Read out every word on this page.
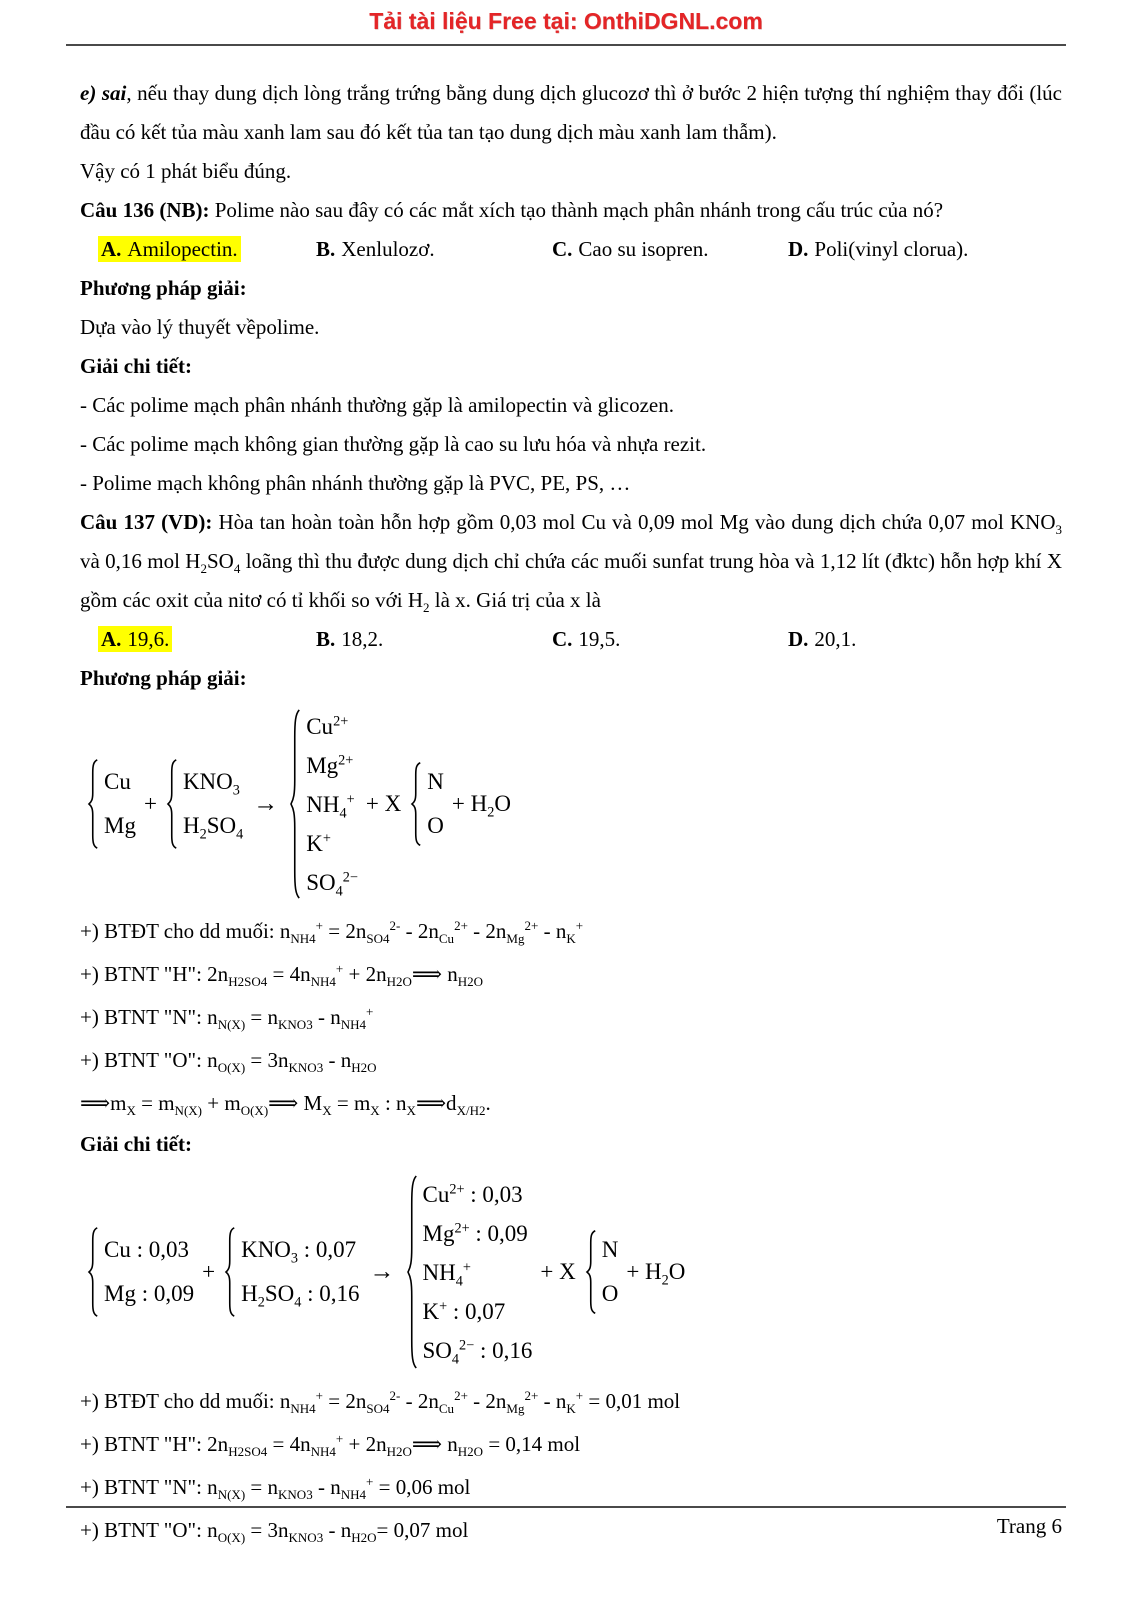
Tải tài liệu Free tại: OnthiDGNL.com

e) sai, nếu thay dung dịch lòng trắng trứng bằng dung dịch glucozơ thì ở bước 2 hiện tượng thí nghiệm thay đổi (lúc đầu có kết tủa màu xanh lam sau đó kết tủa tan tạo dung dịch màu xanh lam thẫm).

Vậy có 1 phát biểu đúng.

Câu 136 (NB): Polime nào sau đây có các mắt xích tạo thành mạch phân nhánh trong cấu trúc của nó?

A. Amilopectin.	B. Xenlulozơ.	C. Cao su isopren.	D. Poli(vinyl clorua).

Phương pháp giải:

Dựa vào lý thuyết vềpolime.

Giải chi tiết:

- Các polime mạch phân nhánh thường gặp là amilopectin và glicozen.

- Các polime mạch không gian thường gặp là cao su lưu hóa và nhựa rezit.

- Polime mạch không phân nhánh thường gặp là PVC, PE, PS, …

Câu 137 (VD): Hòa tan hoàn toàn hỗn hợp gồm 0,03 mol Cu và 0,09 mol Mg vào dung dịch chứa 0,07 mol $KNO_3$ và 0,16 mol $H_2SO_4$ loãng thì thu được dung dịch chỉ chứa các muối sunfat trung hòa và 1,12 lít (đktc) hỗn hợp khí X gồm các oxit của nitơ có tỉ khối so với $H_2$ là x. Giá trị của x là

A. 19,6.	B. 18,2.	C. 19,5.	D. 20,1.

Phương pháp giải:

Cu
Mg
+
$KNO_3$
$H_2SO_4$
→
$Cu^{2+}$
$Mg^{2+}$
$NH_4^+$
K+
$SO_4^{2-}$
+ X
N
O
+ $H_2O$

+) BTĐT cho dd muối: $n_{NH4}^+ = 2n_{SO4}^{2-} - 2n_{Cu}^{2+} - 2n_{Mg}^{2+} - n_K^+$

+) BTNT "H": $2n_{H2SO4} = 4n_{NH4}^+$ + $2n_{H2O}⟹$ $n_{H2O}$

+) BTNT "N": $n_{N(X)} = n_{KNO3} - n_{NH4}^+$

+) BTNT "O": $n_{O(X)} = 3n_{KNO3} - n_{H2O}$

$⟹m_X = m_{N(X)}$ + $m_{O(X)}⟹$ $M_X = m_X$ : $n_X⟹d_{X/H2}$.

Giải chi tiết:

Cu : 0,03
Mg : 0,09
+
$KNO_3$ : 0,07
$H_2SO_4$ : 0,16
→
$Cu^{2+}$ : 0,03
$Mg^{2+}$ : 0,09
$NH_4^+$
K+ : 0,07
$SO_4^{2-}$ : 0,16
+ X
N
O
+ $H_2O$

+) BTĐT cho dd muối: $n_{NH4}^+ = 2n_{SO4}^{2-} - 2n_{Cu}^{2+} - 2n_{Mg}^{2+} - n_K^+ = 0,01$ mol

+) BTNT "H": $2n_{H2SO4} = 4n_{NH4}^+$ + $2n_{H2O}⟹$ $n_{H2O} = 0,14$ mol

+) BTNT "N": $n_{N(X)} = n_{KNO3} - n_{NH4}^+ = 0,06$ mol

+) BTNT "O": $n_{O(X)} = 3n_{KNO3} - n_{H2O}= 0,07$ mol	Trang 6
